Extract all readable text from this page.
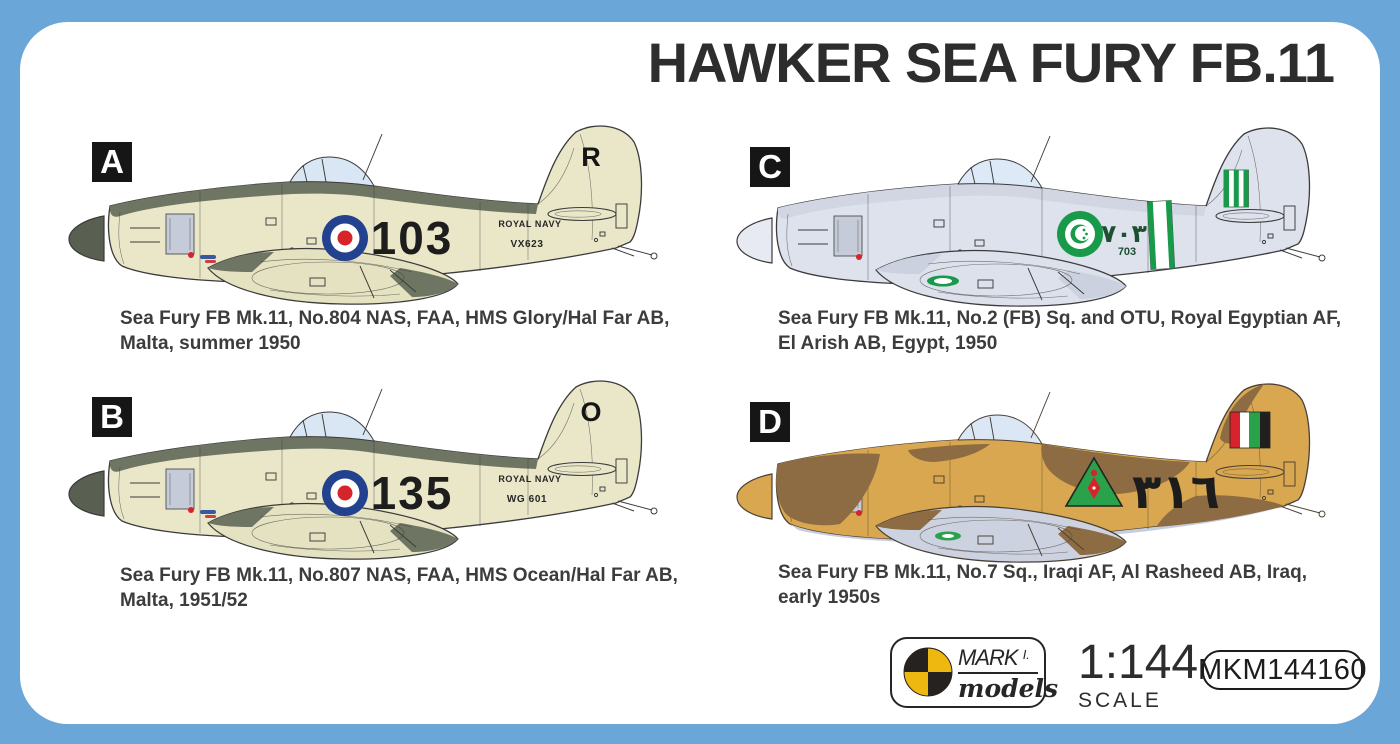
HAWKER SEA FURY FB.11
A
103	ROYAL NAVY
VX623
R
Sea Fury FB Mk.11, No.804 NAS, FAA, HMS Glory/Hal Far AB,
Malta, summer 1950
B
135	ROYAL NAVY
WG 601
O
Sea Fury FB Mk.11, No.807 NAS, FAA, HMS Ocean/Hal Far AB,
Malta, 1951/52
C
٧٠٣
703
Sea Fury FB Mk.11, No.2 (FB) Sq. and OTU, Royal Egyptian AF,
El Arish AB, Egypt, 1950
D
٣١٦
Sea Fury FB Mk.11, No.7 Sq., Iraqi AF, Al Rasheed AB, Iraq,
early 1950s
MARK $^{I.}$
models 1:144
SCALE
MKM144160
